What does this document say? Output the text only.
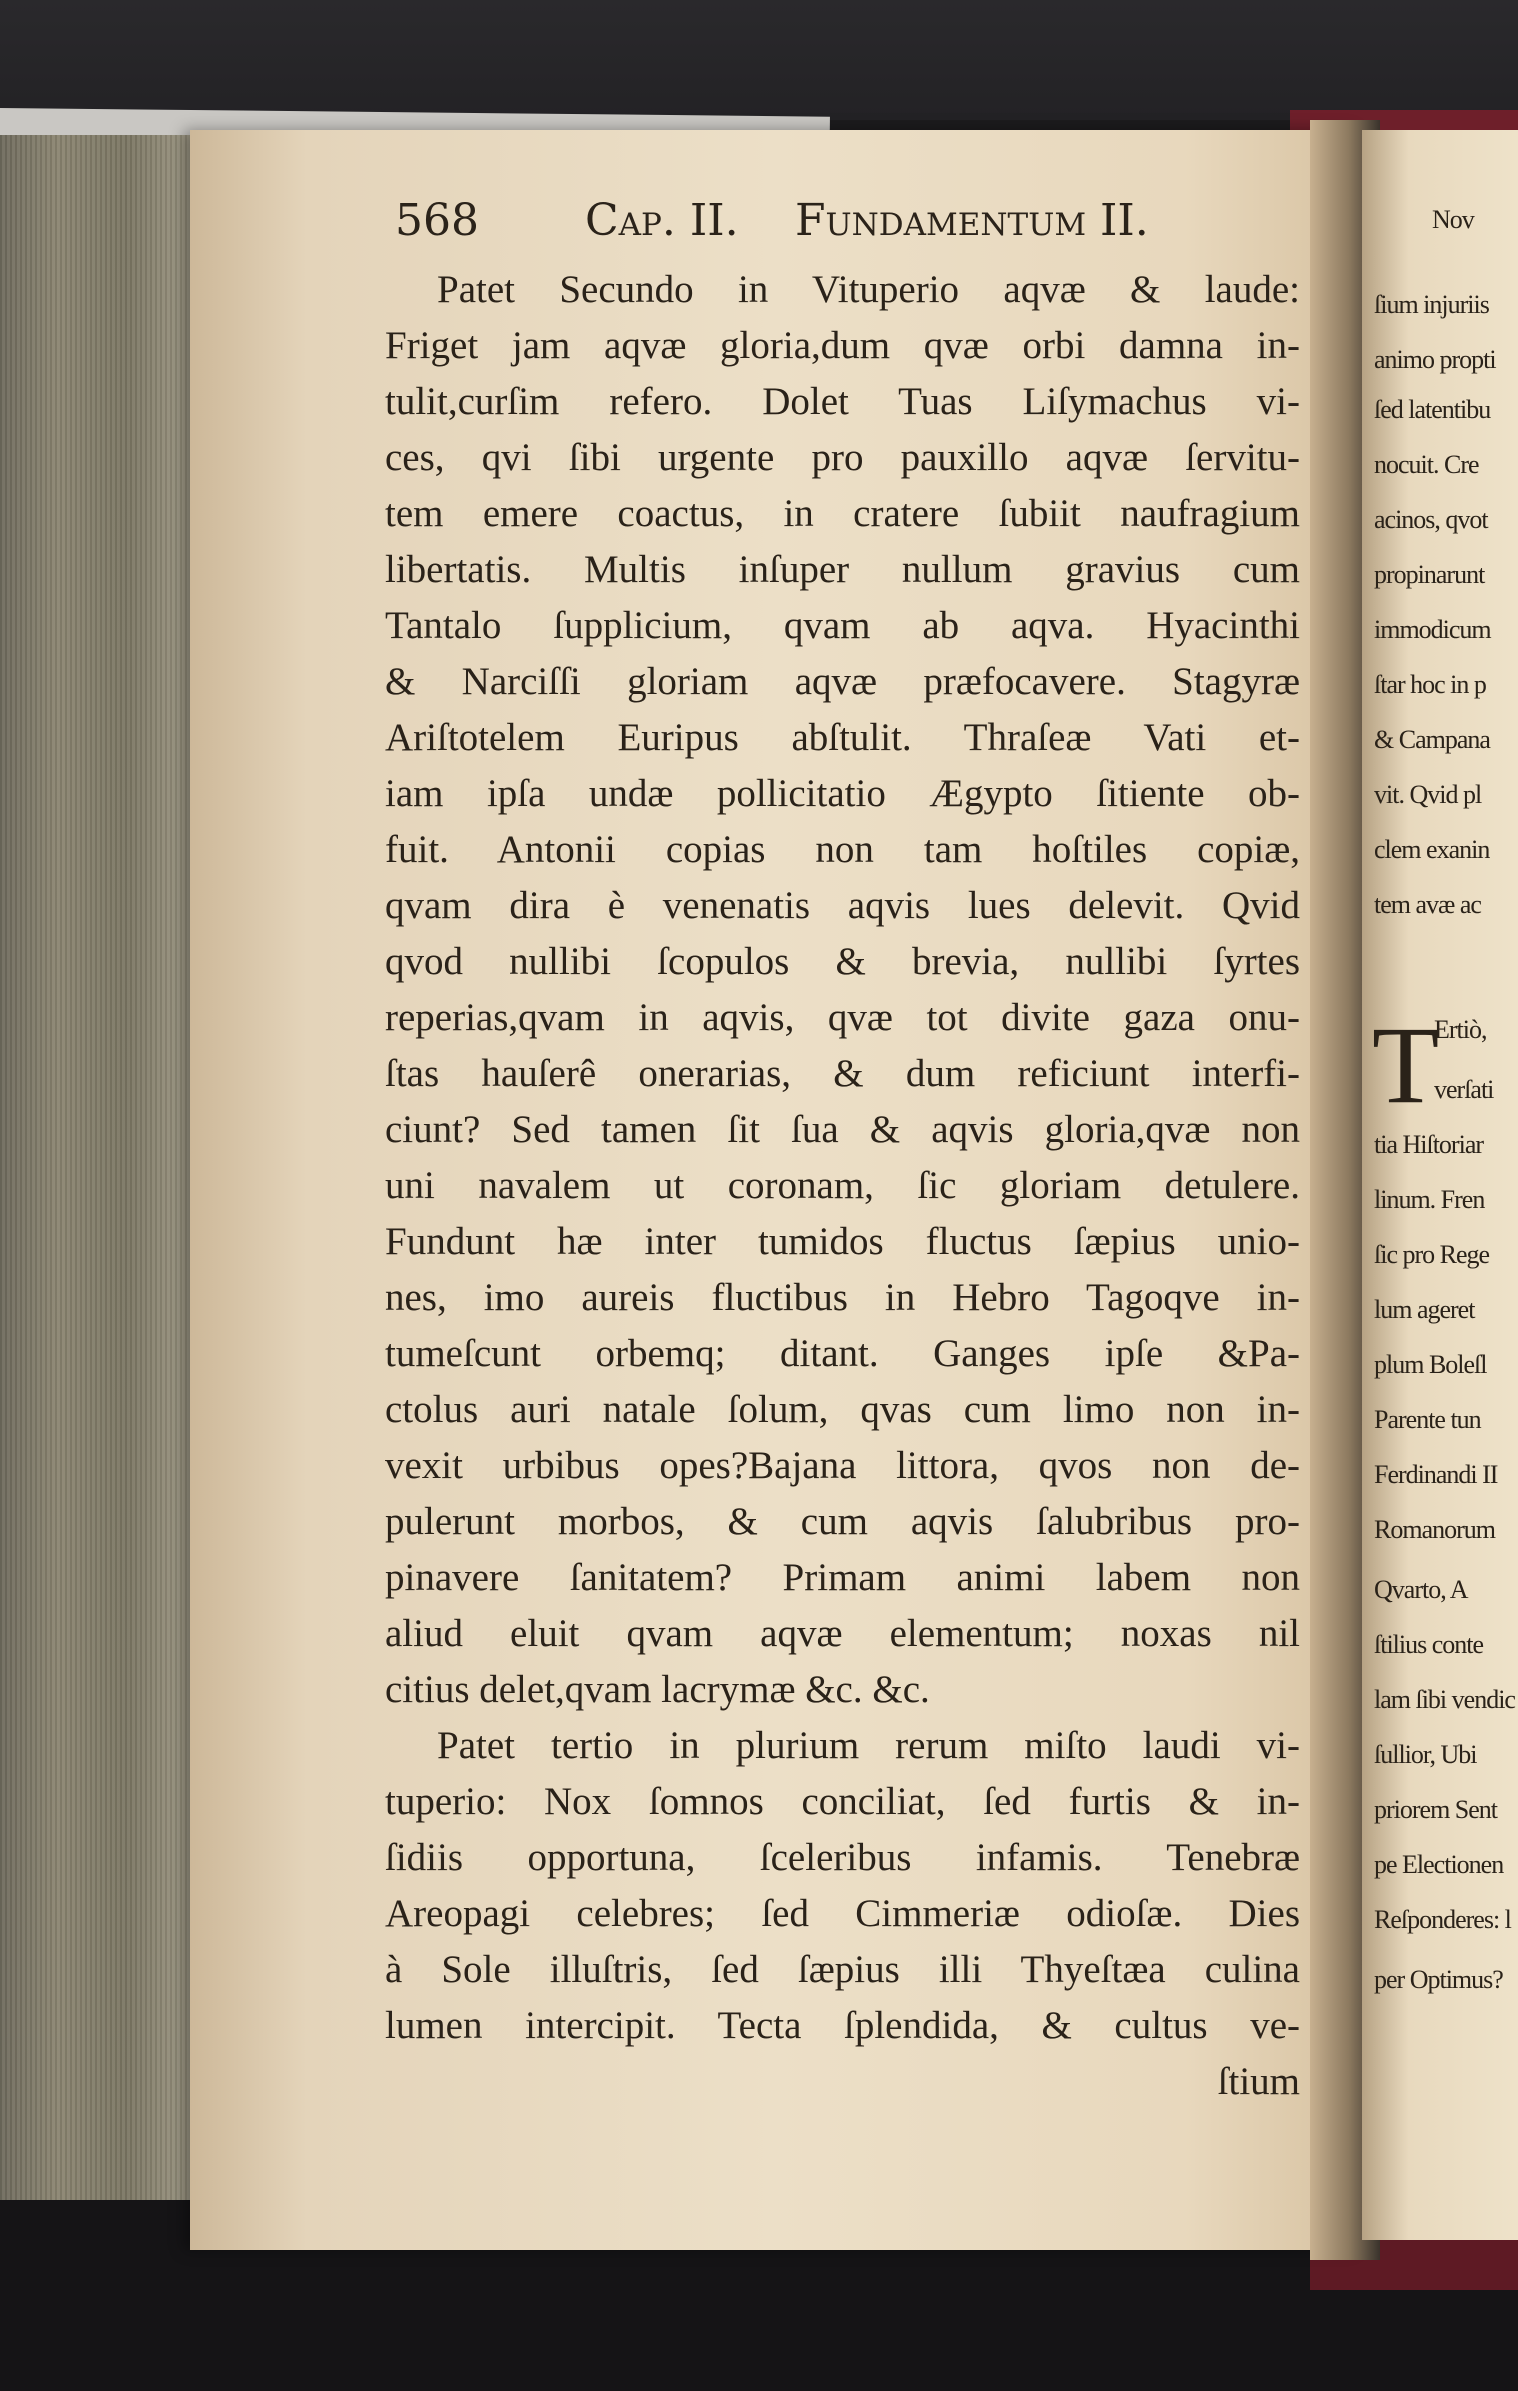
T
Nov
ſium injuriis
animo propti
ſed latentibu
nocuit. Cre
acinos, qvot
propinarunt
immodicum
ſtar hoc in p
& Campana
vit. Qvid pl
clem exanin
tem avæ ac
Ertiò,
verſati
tia Hiſtoriar
linum. Fren
ſic pro Rege
lum ageret
plum Boleſl
Parente tun
Ferdinandi II
Romanorum
Qvarto, A
ſtilius conte
lam ſibi vendic
ſullior, Ubi
priorem Sent
pe Electionen
Reſponderes: l
per Optimus?
568 Cap. II. Fundamentum II.
Patet Secundo in Vituperio aqvæ & laude:
Friget jam aqvæ gloria,dum qvæ orbi damna in-
tulit,curſim refero. Dolet Tuas Liſymachus vi-
ces, qvi ſibi urgente pro pauxillo aqvæ ſervitu-
tem emere coactus, in cratere ſubiit naufragium
libertatis. Multis inſuper nullum gravius cum
Tantalo ſupplicium, qvam ab aqva. Hyacinthi
& Narciſſi gloriam aqvæ præfocavere. Stagyræ
Ariſtotelem Euripus abſtulit. Thraſeæ Vati et-
iam ipſa undæ pollicitatio Ægypto ſitiente ob-
fuit. Antonii copias non tam hoſtiles copiæ,
qvam dira è venenatis aqvis lues delevit. Qvid
qvod nullibi ſcopulos & brevia, nullibi ſyrtes
reperias,qvam in aqvis, qvæ tot divite gaza onu-
ſtas hauſerê onerarias, & dum reficiunt interfi-
ciunt? Sed tamen ſit ſua & aqvis gloria,qvæ non
uni navalem ut coronam, ſic gloriam detulere.
Fundunt hæ inter tumidos fluctus ſæpius unio-
nes, imo aureis fluctibus in Hebro Tagoqve in-
tumeſcunt orbemq; ditant. Ganges ipſe &Pa-
ctolus auri natale ſolum, qvas cum limo non in-
vexit urbibus opes?Bajana littora, qvos non de-
pulerunt morbos, & cum aqvis ſalubribus pro-
pinavere ſanitatem? Primam animi labem non
aliud eluit qvam aqvæ elementum; noxas nil
citius delet,qvam lacrymæ &c. &c.
Patet tertio in plurium rerum miſto laudi vi-
tuperio: Nox ſomnos conciliat, ſed furtis & in-
ſidiis opportuna, ſceleribus infamis. Tenebræ
Areopagi celebres; ſed Cimmeriæ odioſæ. Dies
à Sole illuſtris, ſed ſæpius illi Thyeſtæa culina
lumen intercipit. Tecta ſplendida, & cultus ve-
ſtium
